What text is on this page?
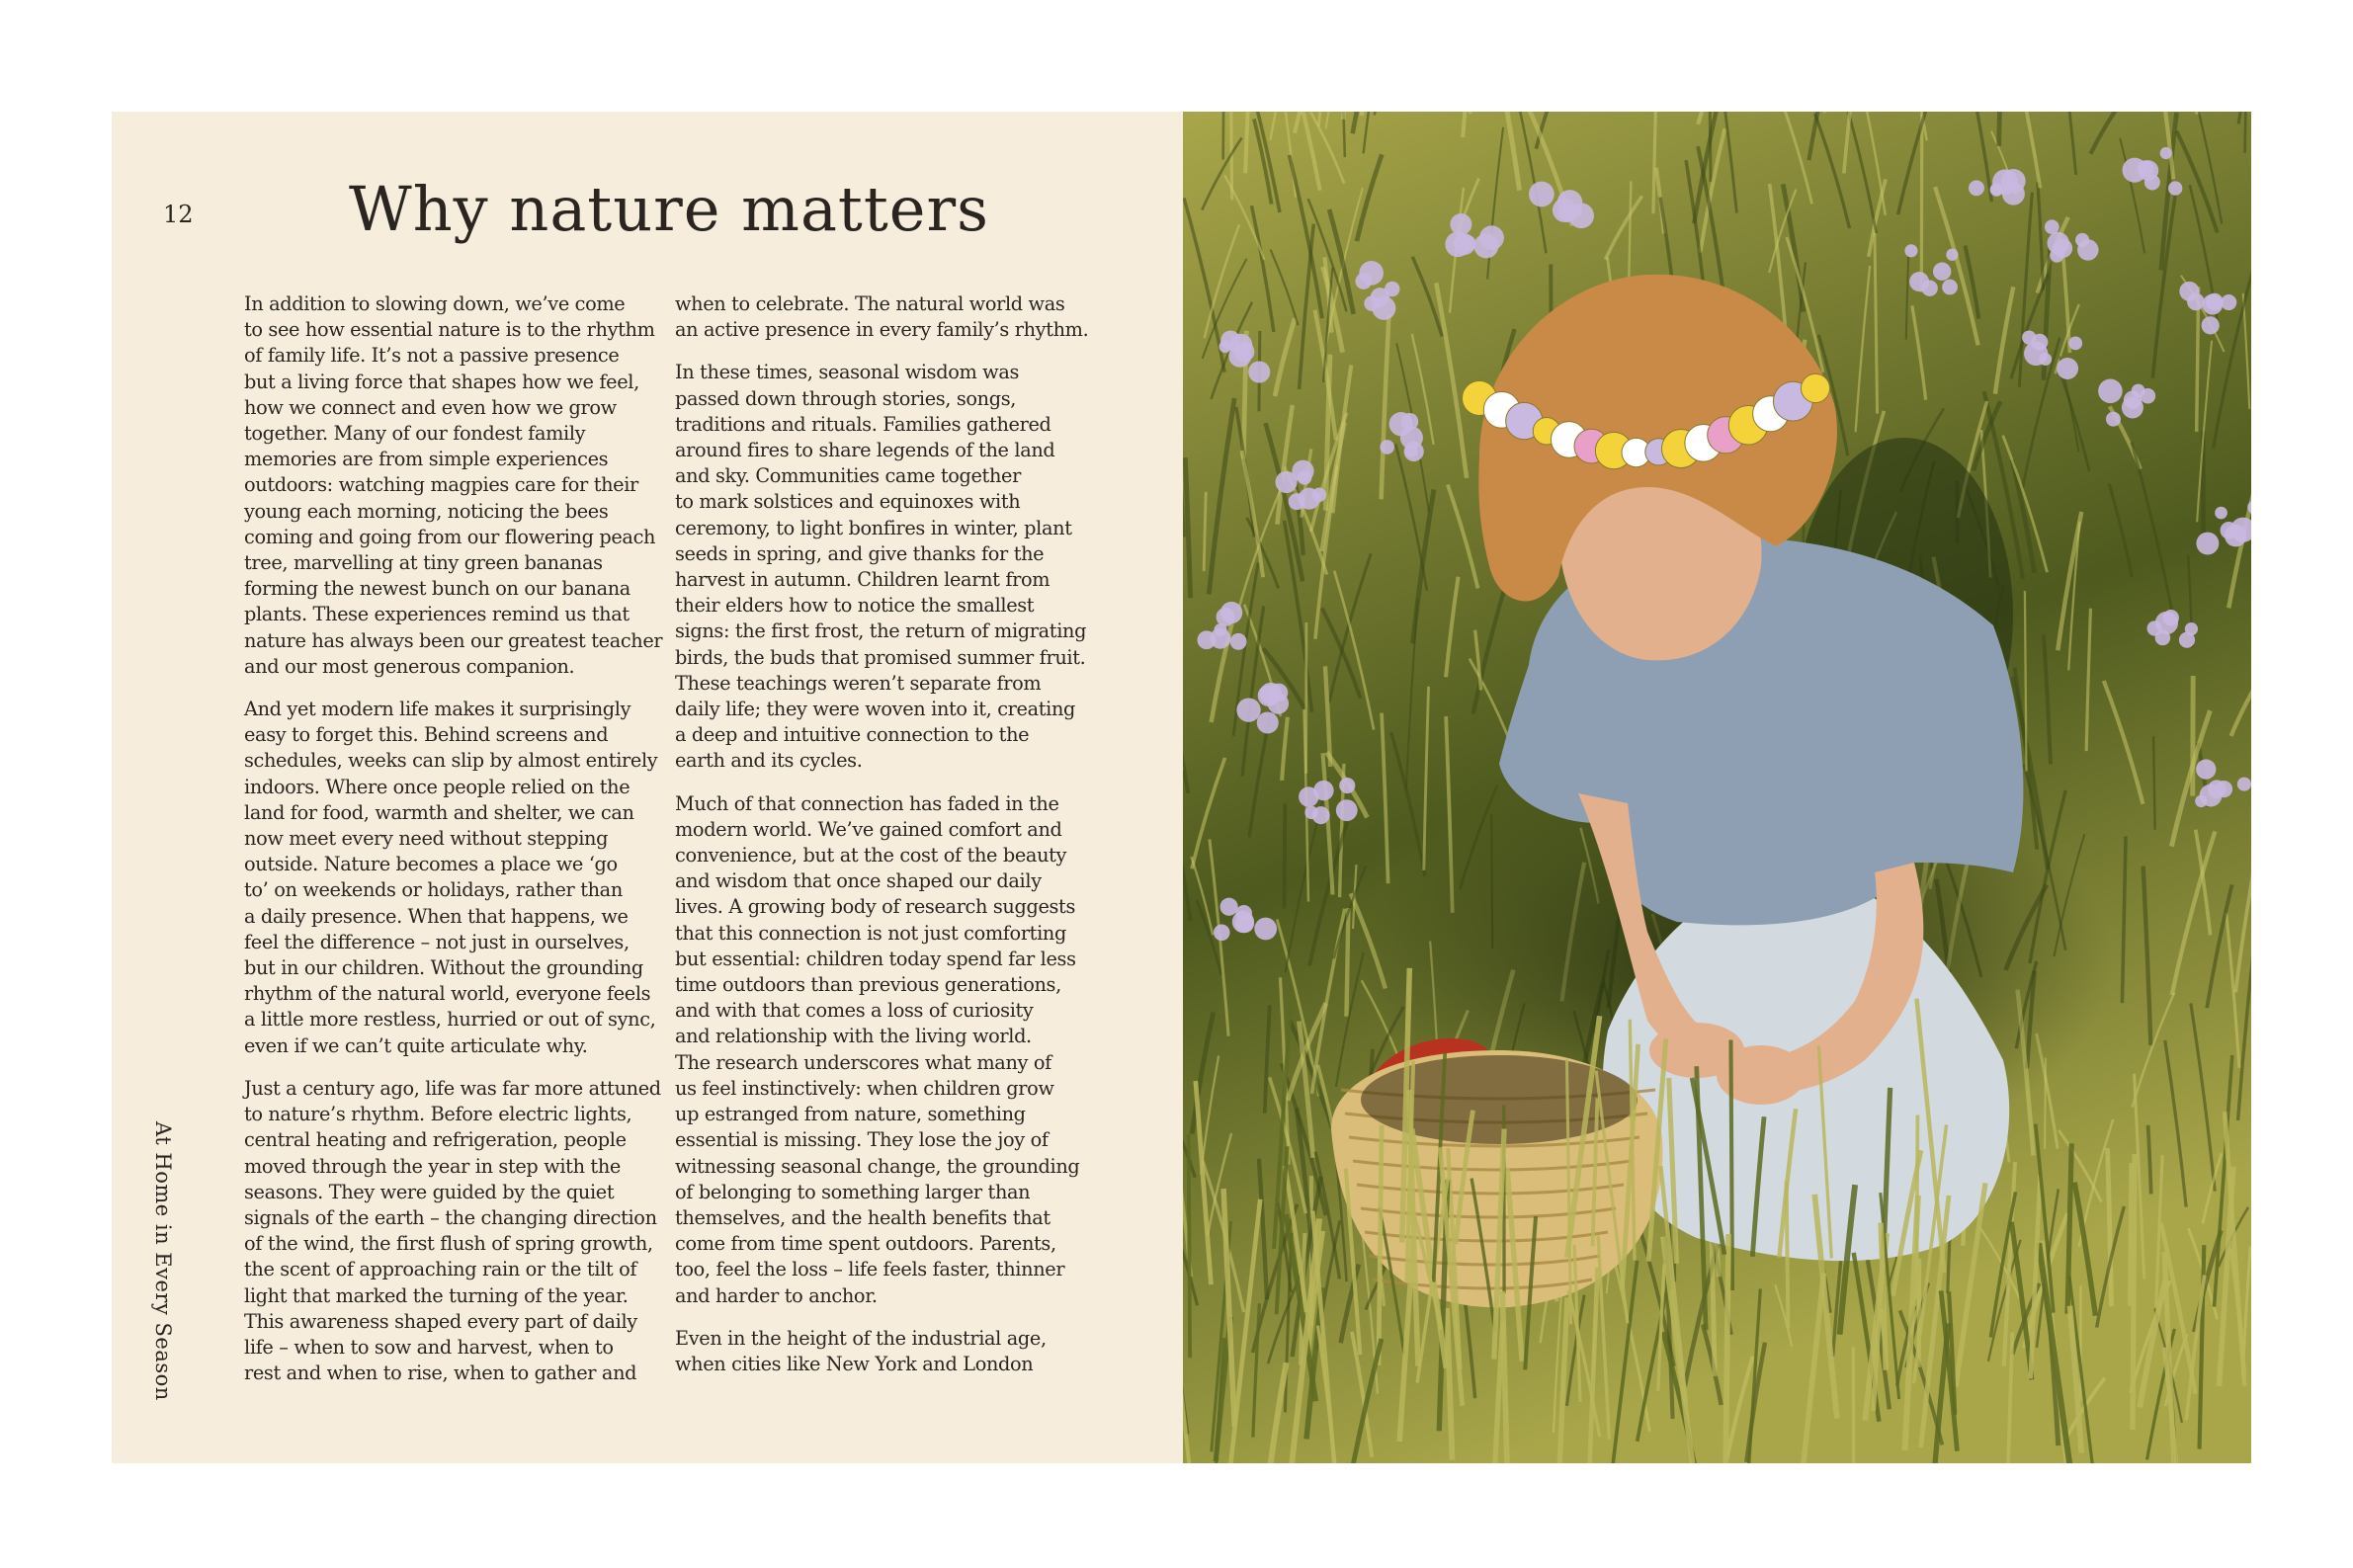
12	Why nature matters
At Home in Every Season

In addition to slowing down, we’ve come
to see how essential nature is to the rhythm
of family life. It’s not a passive presence
but a living force that shapes how we feel,
how we connect and even how we grow
together. Many of our fondest family
memories are from simple experiences
outdoors: watching magpies care for their
young each morning, noticing the bees
coming and going from our flowering peach
tree, marvelling at tiny green bananas
forming the newest bunch on our banana
plants. These experiences remind us that
nature has always been our greatest teacher
and our most generous companion.

And yet modern life makes it surprisingly
easy to forget this. Behind screens and
schedules, weeks can slip by almost entirely
indoors. Where once people relied on the
land for food, warmth and shelter, we can
now meet every need without stepping
outside. Nature becomes a place we ‘go
to’ on weekends or holidays, rather than
a daily presence. When that happens, we
feel the difference – not just in ourselves,
but in our children. Without the grounding
rhythm of the natural world, everyone feels
a little more restless, hurried or out of sync,
even if we can’t quite articulate why.

Just a century ago, life was far more attuned
to nature’s rhythm. Before electric lights,
central heating and refrigeration, people
moved through the year in step with the
seasons. They were guided by the quiet
signals of the earth – the changing direction
of the wind, the first flush of spring growth,
the scent of approaching rain or the tilt of
light that marked the turning of the year.
This awareness shaped every part of daily
life – when to sow and harvest, when to
rest and when to rise, when to gather and

when to celebrate. The natural world was
an active presence in every family’s rhythm.

In these times, seasonal wisdom was
passed down through stories, songs,
traditions and rituals. Families gathered
around fires to share legends of the land
and sky. Communities came together
to mark solstices and equinoxes with
ceremony, to light bonfires in winter, plant
seeds in spring, and give thanks for the
harvest in autumn. Children learnt from
their elders how to notice the smallest
signs: the first frost, the return of migrating
birds, the buds that promised summer fruit.
These teachings weren’t separate from
daily life; they were woven into it, creating
a deep and intuitive connection to the
earth and its cycles.

Much of that connection has faded in the
modern world. We’ve gained comfort and
convenience, but at the cost of the beauty
and wisdom that once shaped our daily
lives. A growing body of research suggests
that this connection is not just comforting
but essential: children today spend far less
time outdoors than previous generations,
and with that comes a loss of curiosity
and relationship with the living world.
The research underscores what many of
us feel instinctively: when children grow
up estranged from nature, something
essential is missing. They lose the joy of
witnessing seasonal change, the grounding
of belonging to something larger than
themselves, and the health benefits that
come from time spent outdoors. Parents,
too, feel the loss – life feels faster, thinner
and harder to anchor.

Even in the height of the industrial age,
when cities like New York and London
